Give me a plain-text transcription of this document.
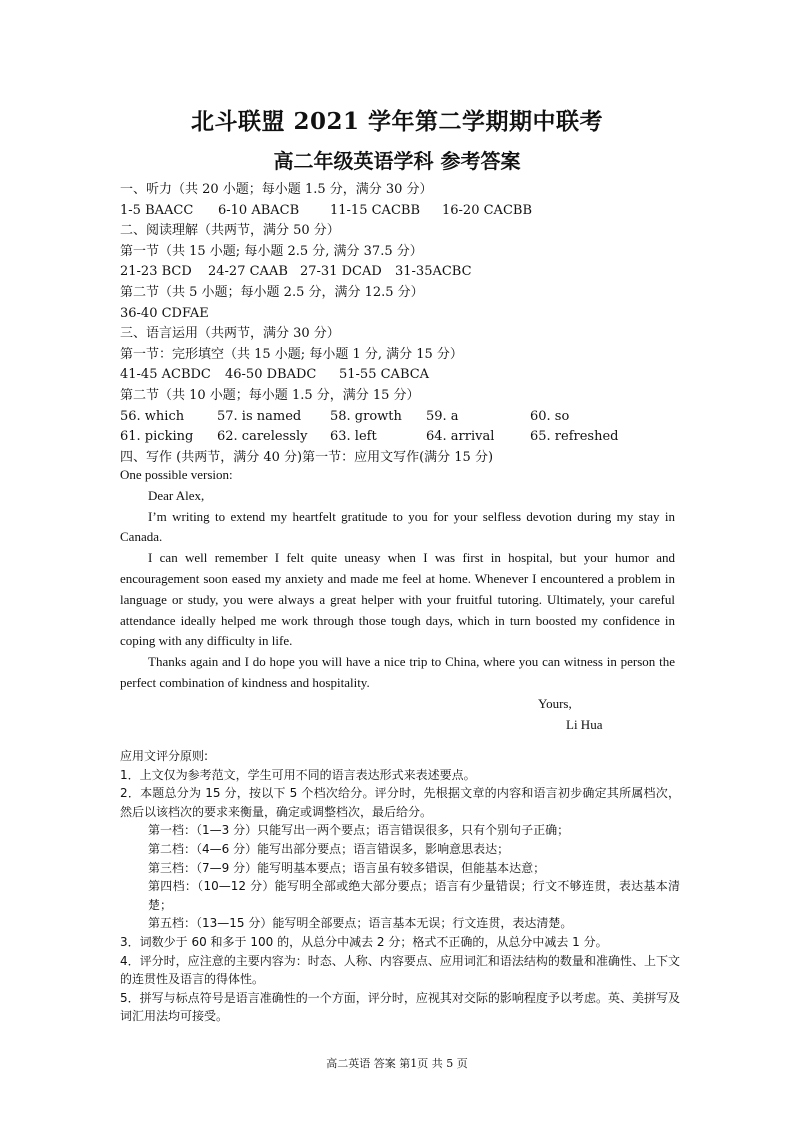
北斗联盟 2021 学年第二学期期中联考
高二年级英语学科 参考答案
一、听力（共 20 小题；每小题 1.5 分，满分 30 分）
1-5 BAACC 6-10 ABACB 11-15 CACBB 16-20 CACBB
二、阅读理解（共两节，满分 50 分）
第一节（共 15 小题; 每小题 2.5 分, 满分 37.5 分）
21-23 BCD 24-27 CAAB 27-31 DCAD 31-35ACBC
第二节（共 5 小题；每小题 2.5 分，满分 12.5 分）
36-40 CDFAE
三、语言运用（共两节，满分 30 分）
第一节：完形填空（共 15 小题; 每小题 1 分, 满分 15 分）
41-45 ACBDC 46-50 DBADC 51-55 CABCA
第二节（共 10 小题；每小题 1.5 分，满分 15 分）
56. which	57. is named 58. growth 59. a	60. so
61. picking 62. carelessly 63. left	64. arrival	65. refreshed
四、写作 (共两节，满分 40 分)第一节：应用文写作(满分 15 分)

One possible version:

Dear Alex,

I’m writing to extend my heartfelt gratitude to you for your selfless devotion during my stay in Canada.

I can well remember I felt quite uneasy when I was first in hospital, but your humor and encouragement soon eased my anxiety and made me feel at home. Whenever I encountered a problem in language or study, you were always a great helper with your fruitful tutoring. Ultimately, your careful attendance ideally helped me work through those tough days, which in turn boosted my confidence in coping with any difficulty in life.

Thanks again and I do hope you will have a nice trip to China, where you can witness in person the perfect combination of kindness and hospitality.

Yours,

Li Hua

应用文评分原则:

1．上文仅为参考范文，学生可用不同的语言表达形式来表述要点。

2．本题总分为 15 分，按以下 5 个档次给分。评分时，先根据文章的内容和语言初步确定其所属档次，然后以该档次的要求来衡量，确定或调整档次，最后给分。

第一档：（1—3 分）只能写出一两个要点；语言错误很多，只有个别句子正确；

第二档：（4—6 分）能写出部分要点；语言错误多，影响意思表达；

第三档：（7—9 分）能写明基本要点；语言虽有较多错误，但能基本达意；

第四档：（10—12 分）能写明全部或绝大部分要点；语言有少量错误；行文不够连贯，表达基本清楚；

第五档：（13—15 分）能写明全部要点；语言基本无误；行文连贯，表达清楚。

3．词数少于 60 和多于 100 的，从总分中减去 2 分；格式不正确的，从总分中减去 1 分。

4．评分时，应注意的主要内容为：时态、人称、内容要点、应用词汇和语法结构的数量和准确性、上下文的连贯性及语言的得体性。

5．拼写与标点符号是语言准确性的一个方面，评分时，应视其对交际的影响程度予以考虑。英、美拼写及词汇用法均可接受。

高二英语 答案 第1页 共 5 页
